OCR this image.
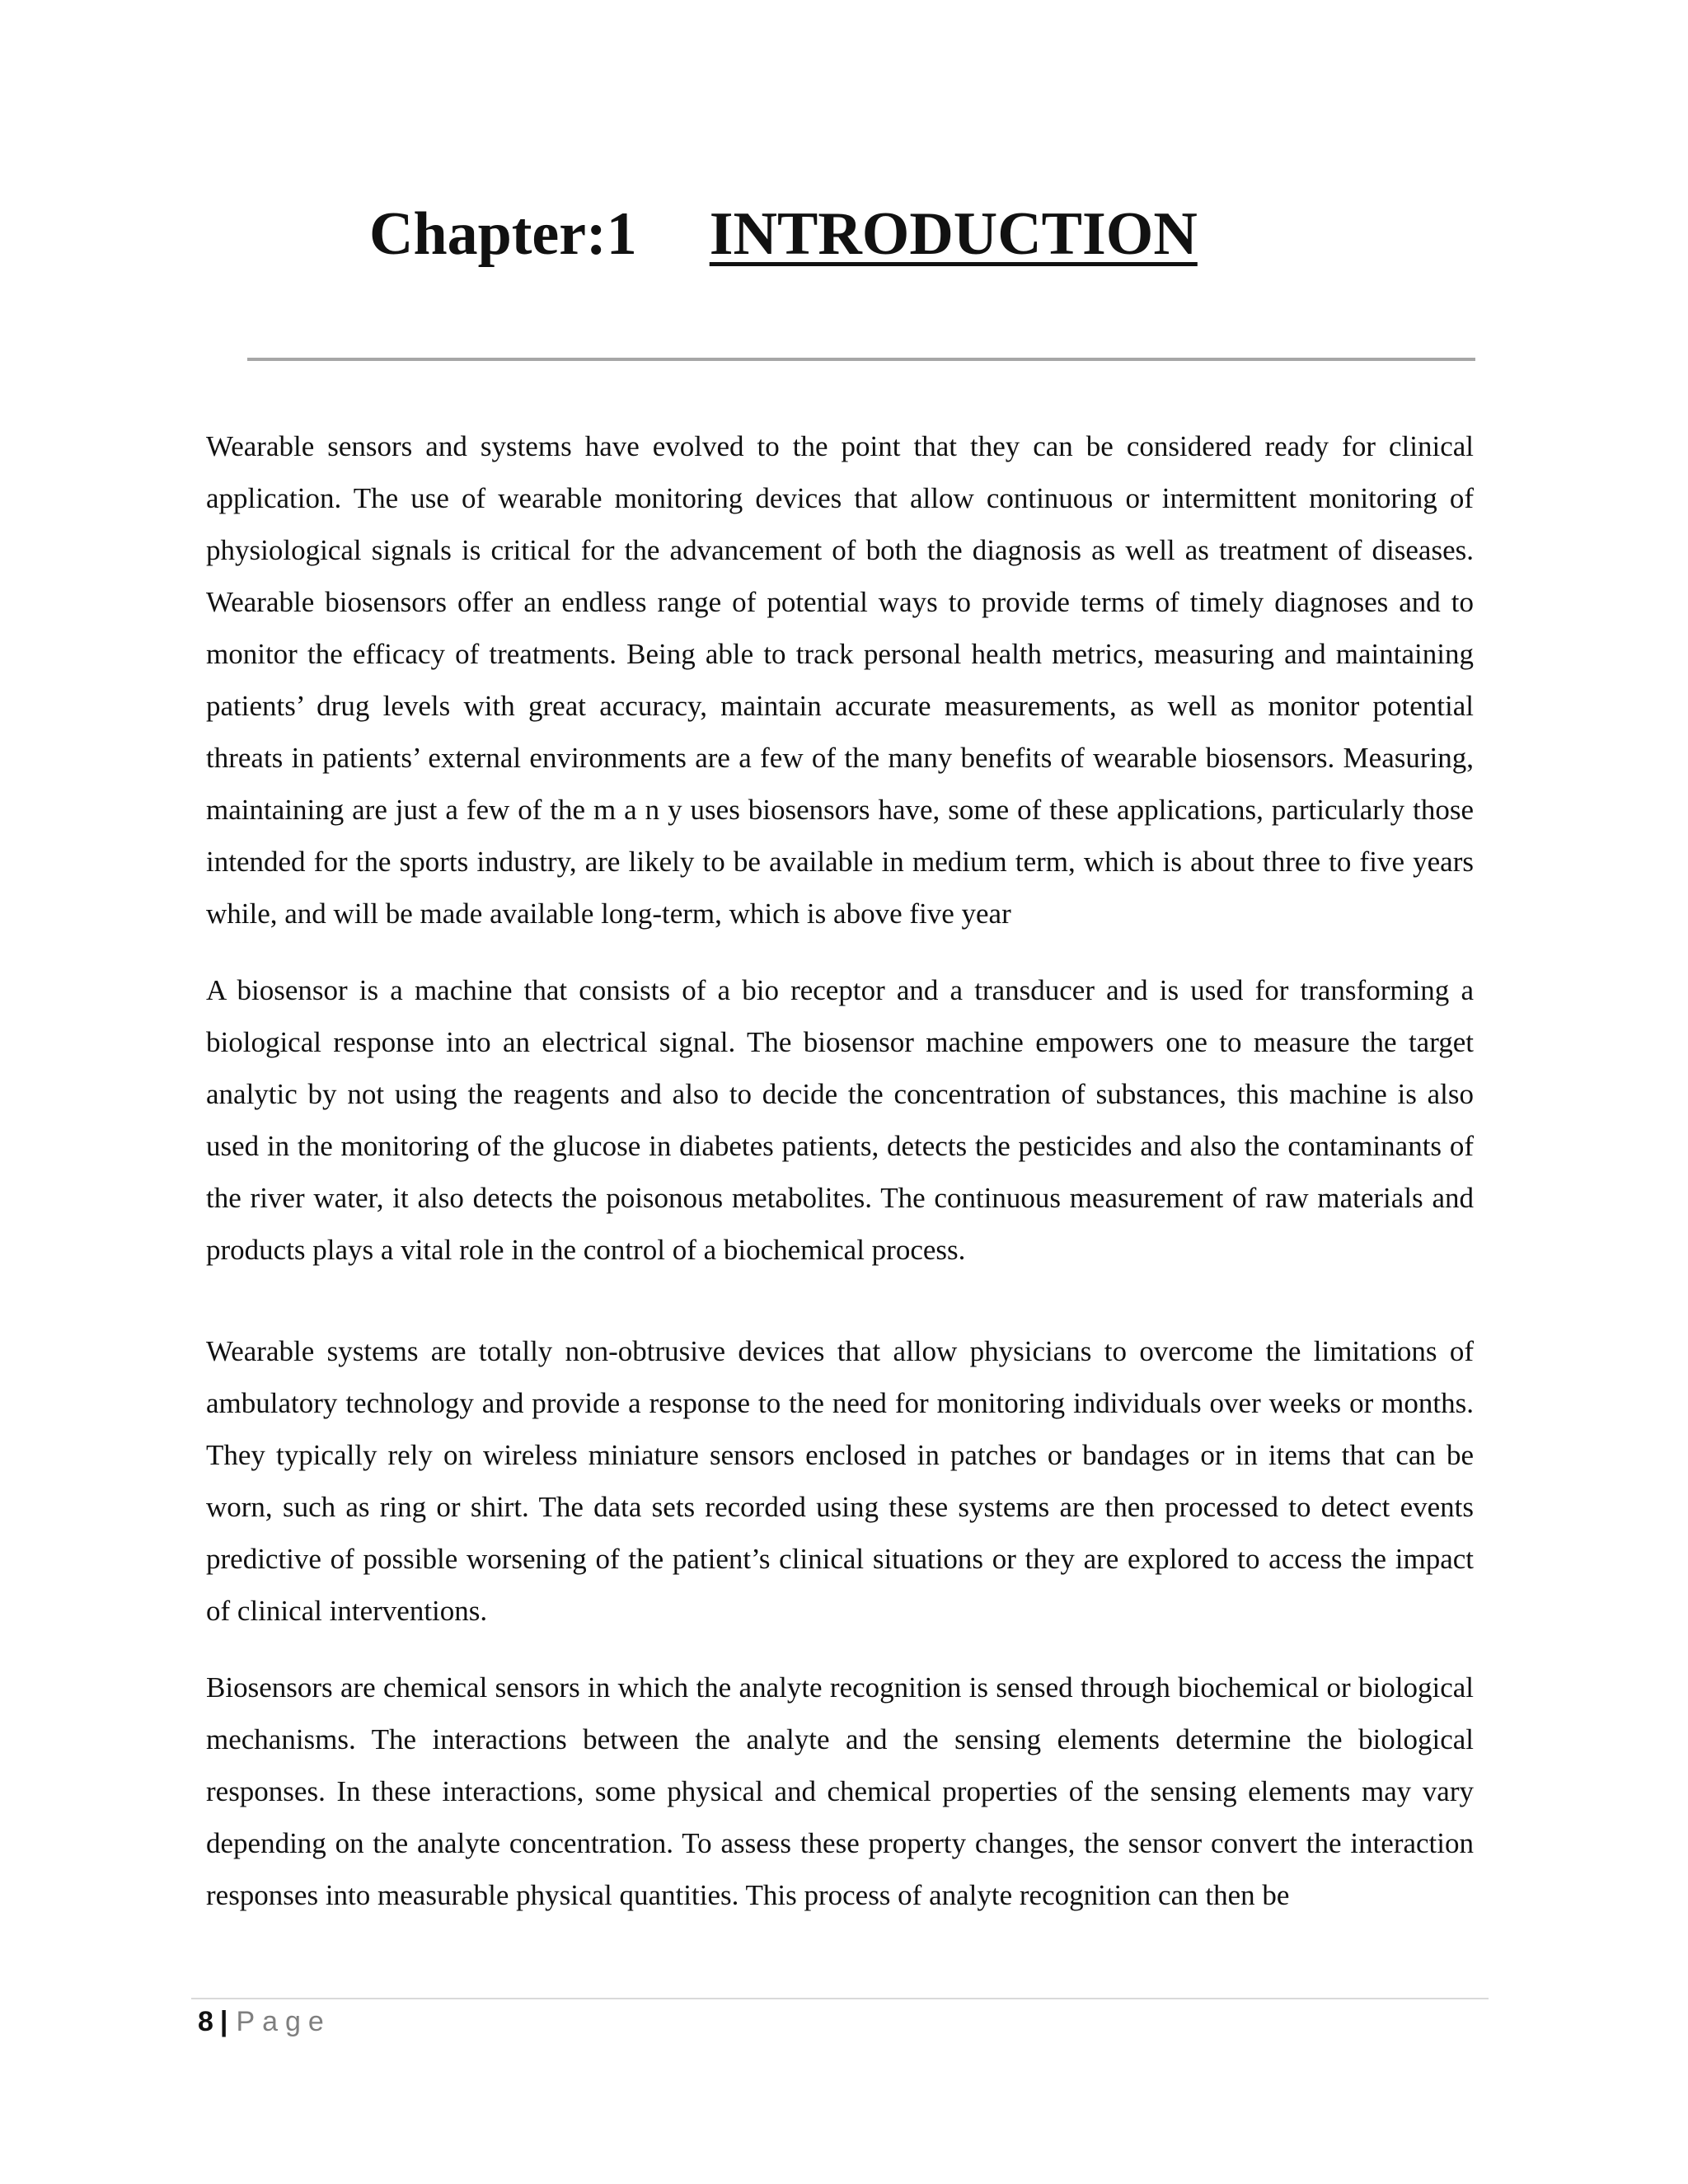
Chapter:1 INTRODUCTION

Wearable sensors and systems have evolved to the point that they can be considered ready for clinical application. The use of wearable monitoring devices that allow continuous or intermittent monitoring of physiological signals is critical for the advancement of both the diagnosis as well as treatment of diseases. Wearable biosensors offer an endless range of potential ways to provide terms of timely diagnoses and to monitor the efficacy of treatments. Being able to track personal health metrics, measuring and maintaining patients’ drug levels with great accuracy, maintain accurate measurements, as well as monitor potential threats in patients’ external environments are a few of the many benefits of wearable biosensors. Measuring, maintaining are just a few of the m a n y uses biosensors have, some of these applications, particularly those intended for the sports industry, are likely to be available in medium term, which is about three to five years while, and will be made available long-term, which is above five year

A biosensor is a machine that consists of a bio receptor and a transducer and is used for transforming a biological response into an electrical signal. The biosensor machine empowers one to measure the target analytic by not using the reagents and also to decide the concentration of substances, this machine is also used in the monitoring of the glucose in diabetes patients, detects the pesticides and also the contaminants of the river water, it also detects the poisonous metabolites. The continuous measurement of raw materials and products plays a vital role in the control of a biochemical process.

Wearable systems are totally non-obtrusive devices that allow physicians to overcome the limitations of ambulatory technology and provide a response to the need for monitoring individuals over weeks or months. They typically rely on wireless miniature sensors enclosed in patches or bandages or in items that can be worn, such as ring or shirt. The data sets recorded using these systems are then processed to detect events predictive of possible worsening of the patient’s clinical situations or they are explored to access the impact of clinical interventions.

Biosensors are chemical sensors in which the analyte recognition is sensed through biochemical or biological mechanisms. The interactions between the analyte and the sensing elements determine the biological responses. In these interactions, some physical and chemical properties of the sensing elements may vary depending on the analyte concentration. To assess these property changes, the sensor convert the interaction responses into measurable physical quantities. This process of analyte recognition can then be

8 | Page
